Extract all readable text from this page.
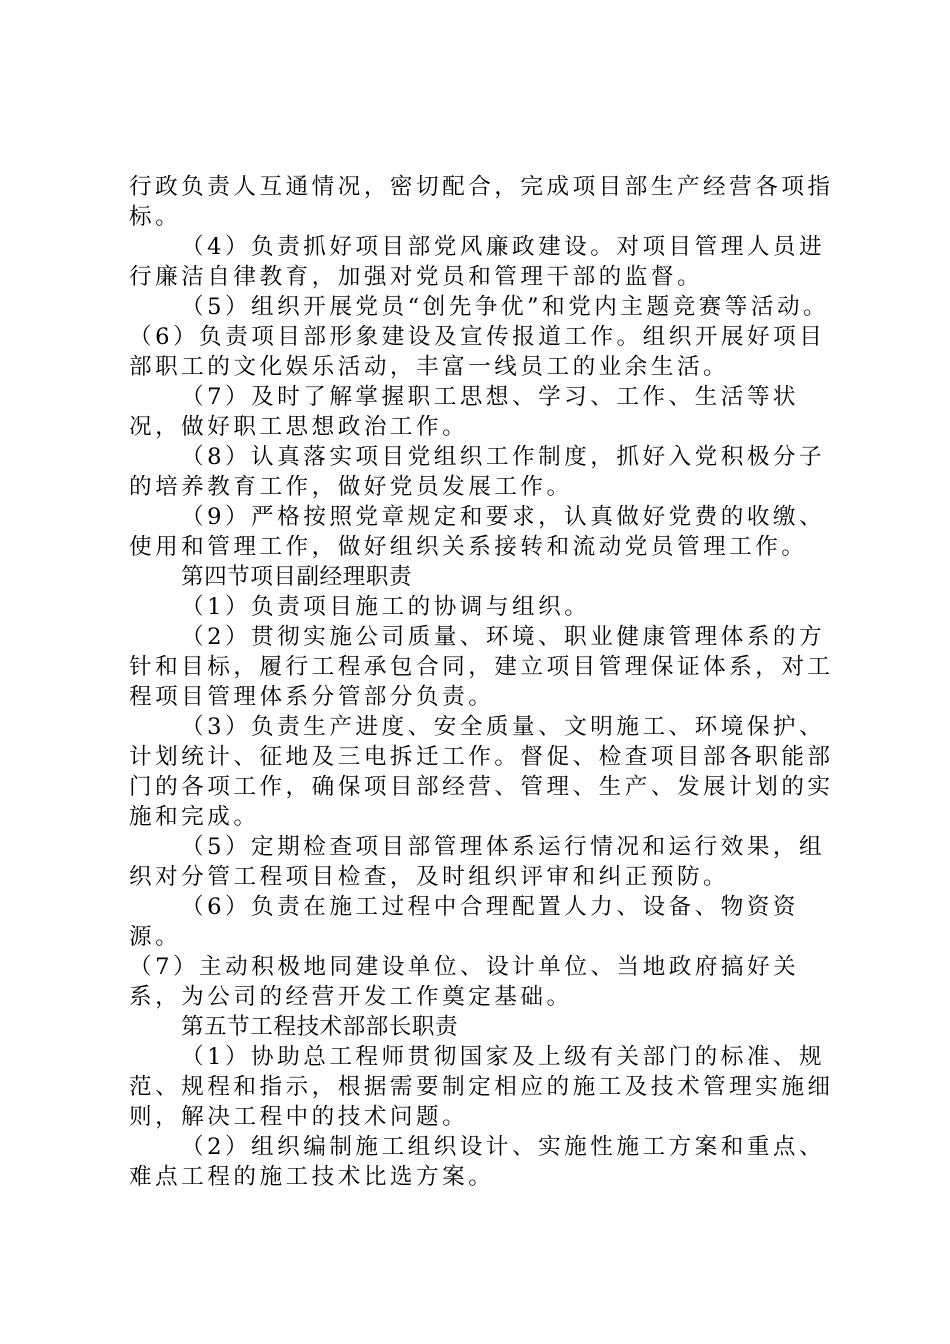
行政负责人互通情况，密切配合，完成项目部生产经营各项指标。

（4）负责抓好项目部党风廉政建设。对项目管理人员进行廉洁自律教育，加强对党员和管理干部的监督。

（5）组织开展党员“创先争优”和党内主题竞赛等活动。

（6）负责项目部形象建设及宣传报道工作。组织开展好项目部职工的文化娱乐活动，丰富一线员工的业余生活。

（7）及时了解掌握职工思想、学习、工作、生活等状况，做好职工思想政治工作。

（8）认真落实项目党组织工作制度，抓好入党积极分子的培养教育工作，做好党员发展工作。

（9）严格按照党章规定和要求，认真做好党费的收缴、使用和管理工作，做好组织关系接转和流动党员管理工作。

第四节项目副经理职责

（1）负责项目施工的协调与组织。

（2）贯彻实施公司质量、环境、职业健康管理体系的方针和目标，履行工程承包合同，建立项目管理保证体系，对工程项目管理体系分管部分负责。

（3）负责生产进度、安全质量、文明施工、环境保护、计划统计、征地及三电拆迁工作。督促、检查项目部各职能部门的各项工作，确保项目部经营、管理、生产、发展计划的实施和完成。

（5）定期检查项目部管理体系运行情况和运行效果，组织对分管工程项目检查，及时组织评审和纠正预防。

（6）负责在施工过程中合理配置人力、设备、物资资源。

（7）主动积极地同建设单位、设计单位、当地政府搞好关系，为公司的经营开发工作奠定基础。

第五节工程技术部部长职责

（1）协助总工程师贯彻国家及上级有关部门的标准、规范、规程和指示，根据需要制定相应的施工及技术管理实施细则，解决工程中的技术问题。

（2）组织编制施工组织设计、实施性施工方案和重点、难点工程的施工技术比选方案。
